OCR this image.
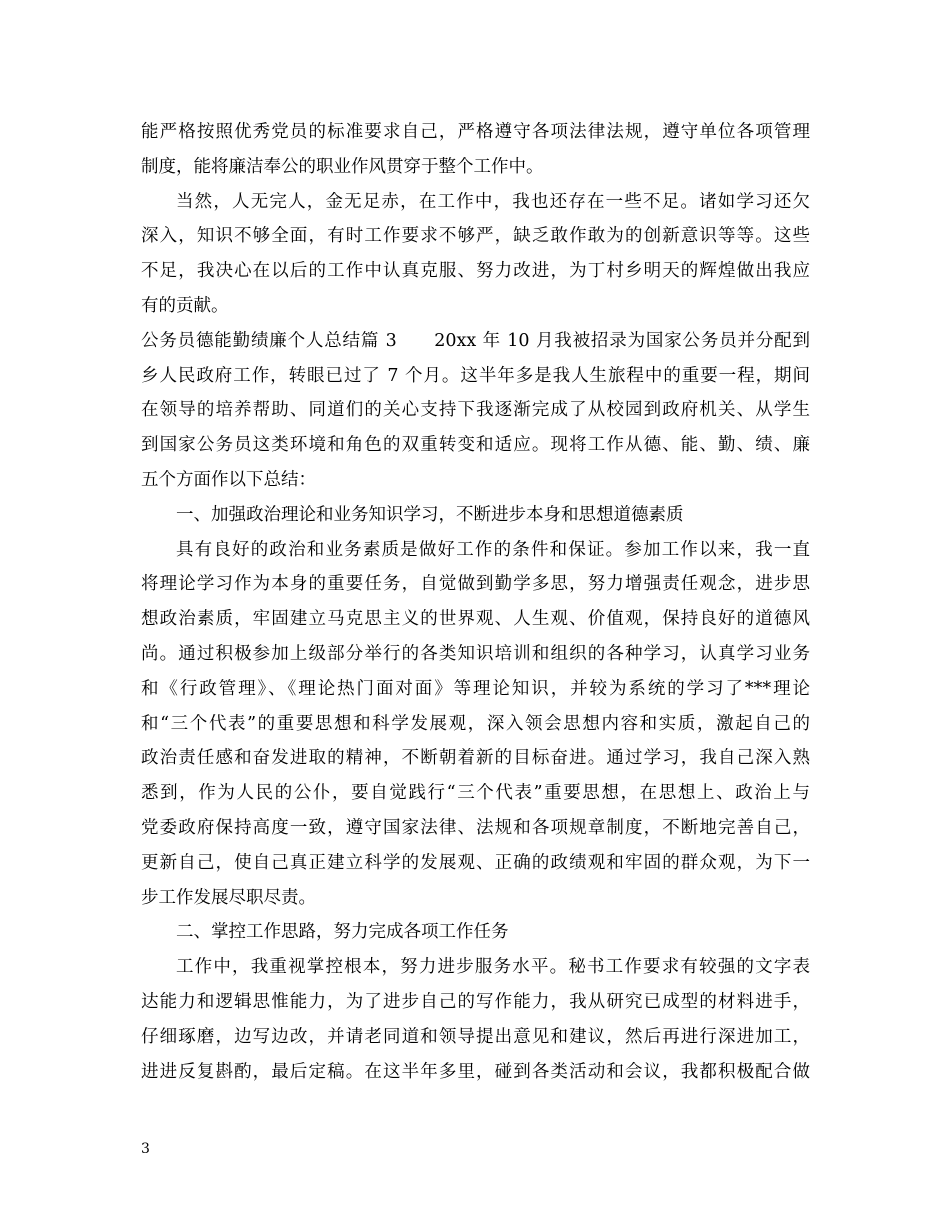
能严格按照优秀党员的标准要求自己，严格遵守各项法律法规，遵守单位各项管理
制度，能将廉洁奉公的职业作风贯穿于整个工作中。
当然，人无完人，金无足赤，在工作中，我也还存在一些不足。诸如学习还欠
深入，知识不够全面，有时工作要求不够严，缺乏敢作敢为的创新意识等等。这些
不足，我决心在以后的工作中认真克服、努力改进，为丁村乡明天的辉煌做出我应
有的贡献。
公务员德能勤绩廉个人总结篇 3　　20xx 年 10 月我被招录为国家公务员并分配到
乡人民政府工作，转眼已过了 7 个月。这半年多是我人生旅程中的重要一程，期间
在领导的培养帮助、同道们的关心支持下我逐渐完成了从校园到政府机关、从学生
到国家公务员这类环境和角色的双重转变和适应。现将工作从德、能、勤、绩、廉
五个方面作以下总结：
一、加强政治理论和业务知识学习，不断进步本身和思想道德素质
具有良好的政治和业务素质是做好工作的条件和保证。参加工作以来，我一直
将理论学习作为本身的重要任务，自觉做到勤学多思，努力增强责任观念，进步思
想政治素质，牢固建立马克思主义的世界观、人生观、价值观，保持良好的道德风
尚。通过积极参加上级部分举行的各类知识培训和组织的各种学习，认真学习业务
和《行政管理》、《理论热门面对面》等理论知识，并较为系统的学习了***理论
和“三个代表”的重要思想和科学发展观，深入领会思想内容和实质，激起自己的
政治责任感和奋发进取的精神，不断朝着新的目标奋进。通过学习，我自己深入熟
悉到，作为人民的公仆，要自觉践行“三个代表”重要思想，在思想上、政治上与
党委政府保持高度一致，遵守国家法律、法规和各项规章制度，不断地完善自己，
更新自己，使自己真正建立科学的发展观、正确的政绩观和牢固的群众观，为下一
步工作发展尽职尽责。
二、掌控工作思路，努力完成各项工作任务
工作中，我重视掌控根本，努力进步服务水平。秘书工作要求有较强的文字表
达能力和逻辑思惟能力，为了进步自己的写作能力，我从研究已成型的材料进手，
仔细琢磨，边写边改，并请老同道和领导提出意见和建议，然后再进行深进加工，
进进反复斟酌，最后定稿。在这半年多里，碰到各类活动和会议，我都积极配合做
3
